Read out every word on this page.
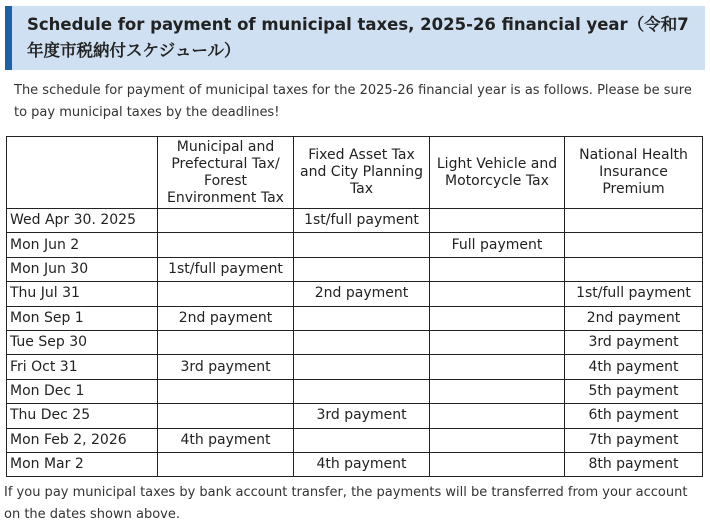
Schedule for payment of municipal taxes, 2025-26 financial year（令和7年度市税納付スケジュール）

The schedule for payment of municipal taxes for the 2025-26 financial year is as follows. Please be sure to pay municipal taxes by the deadlines!

	Municipal and Prefectural Tax/ Forest Environment Tax	Fixed Asset Tax and City Planning Tax	Light Vehicle and Motorcycle Tax	National Health Insurance Premium
Wed Apr 30. 2025		1st/full payment		
Mon Jun 2			Full payment	
Mon Jun 30	1st/full payment			
Thu Jul 31		2nd payment		1st/full payment
Mon Sep 1	2nd payment			2nd payment
Tue Sep 30				3rd payment
Fri Oct 31	3rd payment			4th payment
Mon Dec 1				5th payment
Thu Dec 25		3rd payment		6th payment
Mon Feb 2, 2026	4th payment			7th payment
Mon Mar 2		4th payment		8th payment

If you pay municipal taxes by bank account transfer, the payments will be transferred from your account on the dates shown above.
